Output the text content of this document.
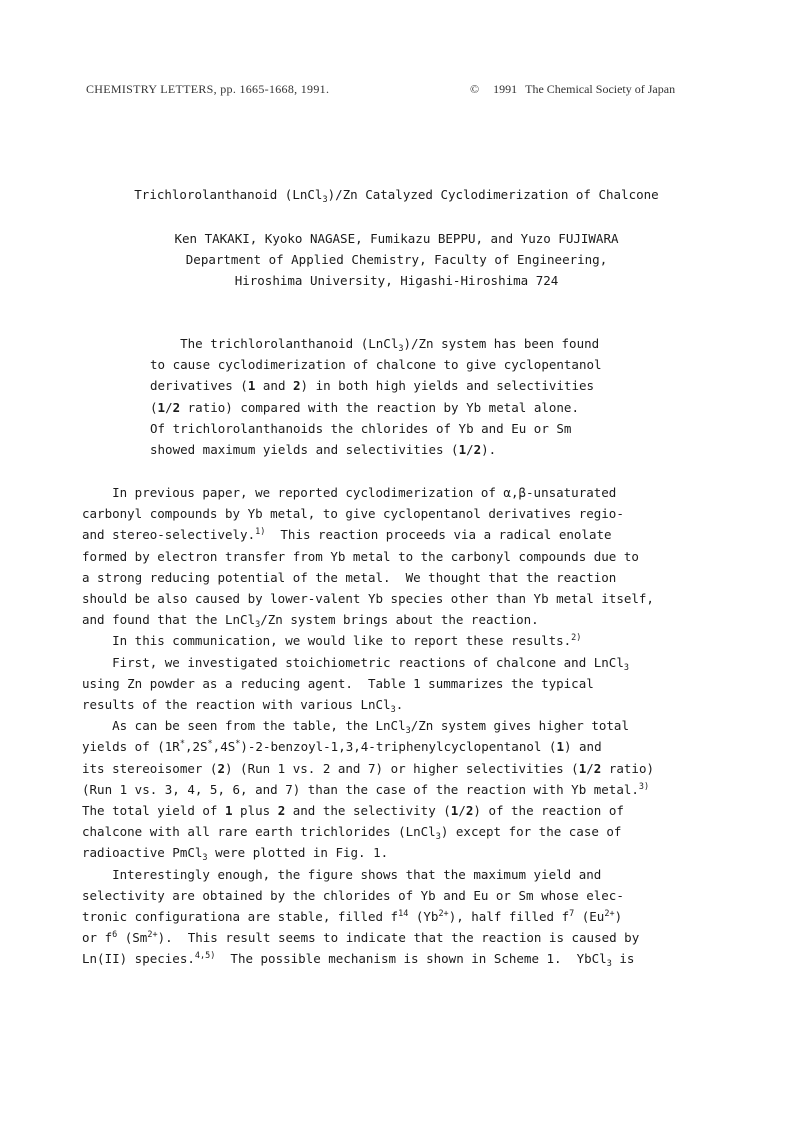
CHEMISTRY LETTERS, pp. 1665-1668, 1991.	© 1991 The Chemical Society of Japan
Trichlorolanthanoid (LnCl$_3$)/Zn Catalyzed Cyclodimerization of Chalcone
Ken TAKAKI, Kyoko NAGASE, Fumikazu BEPPU, and Yuzo FUJIWARA
Department of Applied Chemistry, Faculty of Engineering,
Hiroshima University, Higashi-Hiroshima 724
The trichlorolanthanoid (LnCl$_3$)/Zn system has been found
to cause cyclodimerization of chalcone to give cyclopentanol
derivatives (1 and 2) in both high yields and selectivities
(1/2 ratio) compared with the reaction by Yb metal alone.
Of trichlorolanthanoids the chlorides of Yb and Eu or Sm
showed maximum yields and selectivities (1/2).
In previous paper, we reported cyclodimerization of α,β-unsaturated
carbonyl compounds by Yb metal, to give cyclopentanol derivatives regio-
and stereo-selectively.$^{1)}$  This reaction proceeds via a radical enolate
formed by electron transfer from Yb metal to the carbonyl compounds due to
a strong reducing potential of the metal.  We thought that the reaction
should be also caused by lower-valent Yb species other than Yb metal itself,
and found that the LnCl$_3$/Zn system brings about the reaction.
In this communication, we would like to report these results.$^{2)}$
First, we investigated stoichiometric reactions of chalcone and LnCl$_3$
using Zn powder as a reducing agent.  Table 1 summarizes the typical
results of the reaction with various LnCl$_3$.
As can be seen from the table, the LnCl$_3$/Zn system gives higher total
yields of (1R*,2S*,4S*)-2-benzoyl-1,3,4-triphenylcyclopentanol (1) and
its stereoisomer (2) (Run 1 vs. 2 and 7) or higher selectivities (1/2 ratio)
(Run 1 vs. 3, 4, 5, 6, and 7) than the case of the reaction with Yb metal.$^{3)}$
The total yield of 1 plus 2 and the selectivity (1/2) of the reaction of
chalcone with all rare earth trichlorides (LnCl$_3$) except for the case of
radioactive PmCl$_3$ were plotted in Fig. 1.
Interestingly enough, the figure shows that the maximum yield and
selectivity are obtained by the chlorides of Yb and Eu or Sm whose elec-
tronic configurationa are stable, filled $f^{14}$ $(Yb^{2+})$, half filled $f^7$ $(Eu^{2+})$
or $f^6$ $(Sm^{2+})$.  This result seems to indicate that the reaction is caused by
Ln(II) species.$^{4,5)}$  The possible mechanism is shown in Scheme 1.  YbCl$_3$ is
